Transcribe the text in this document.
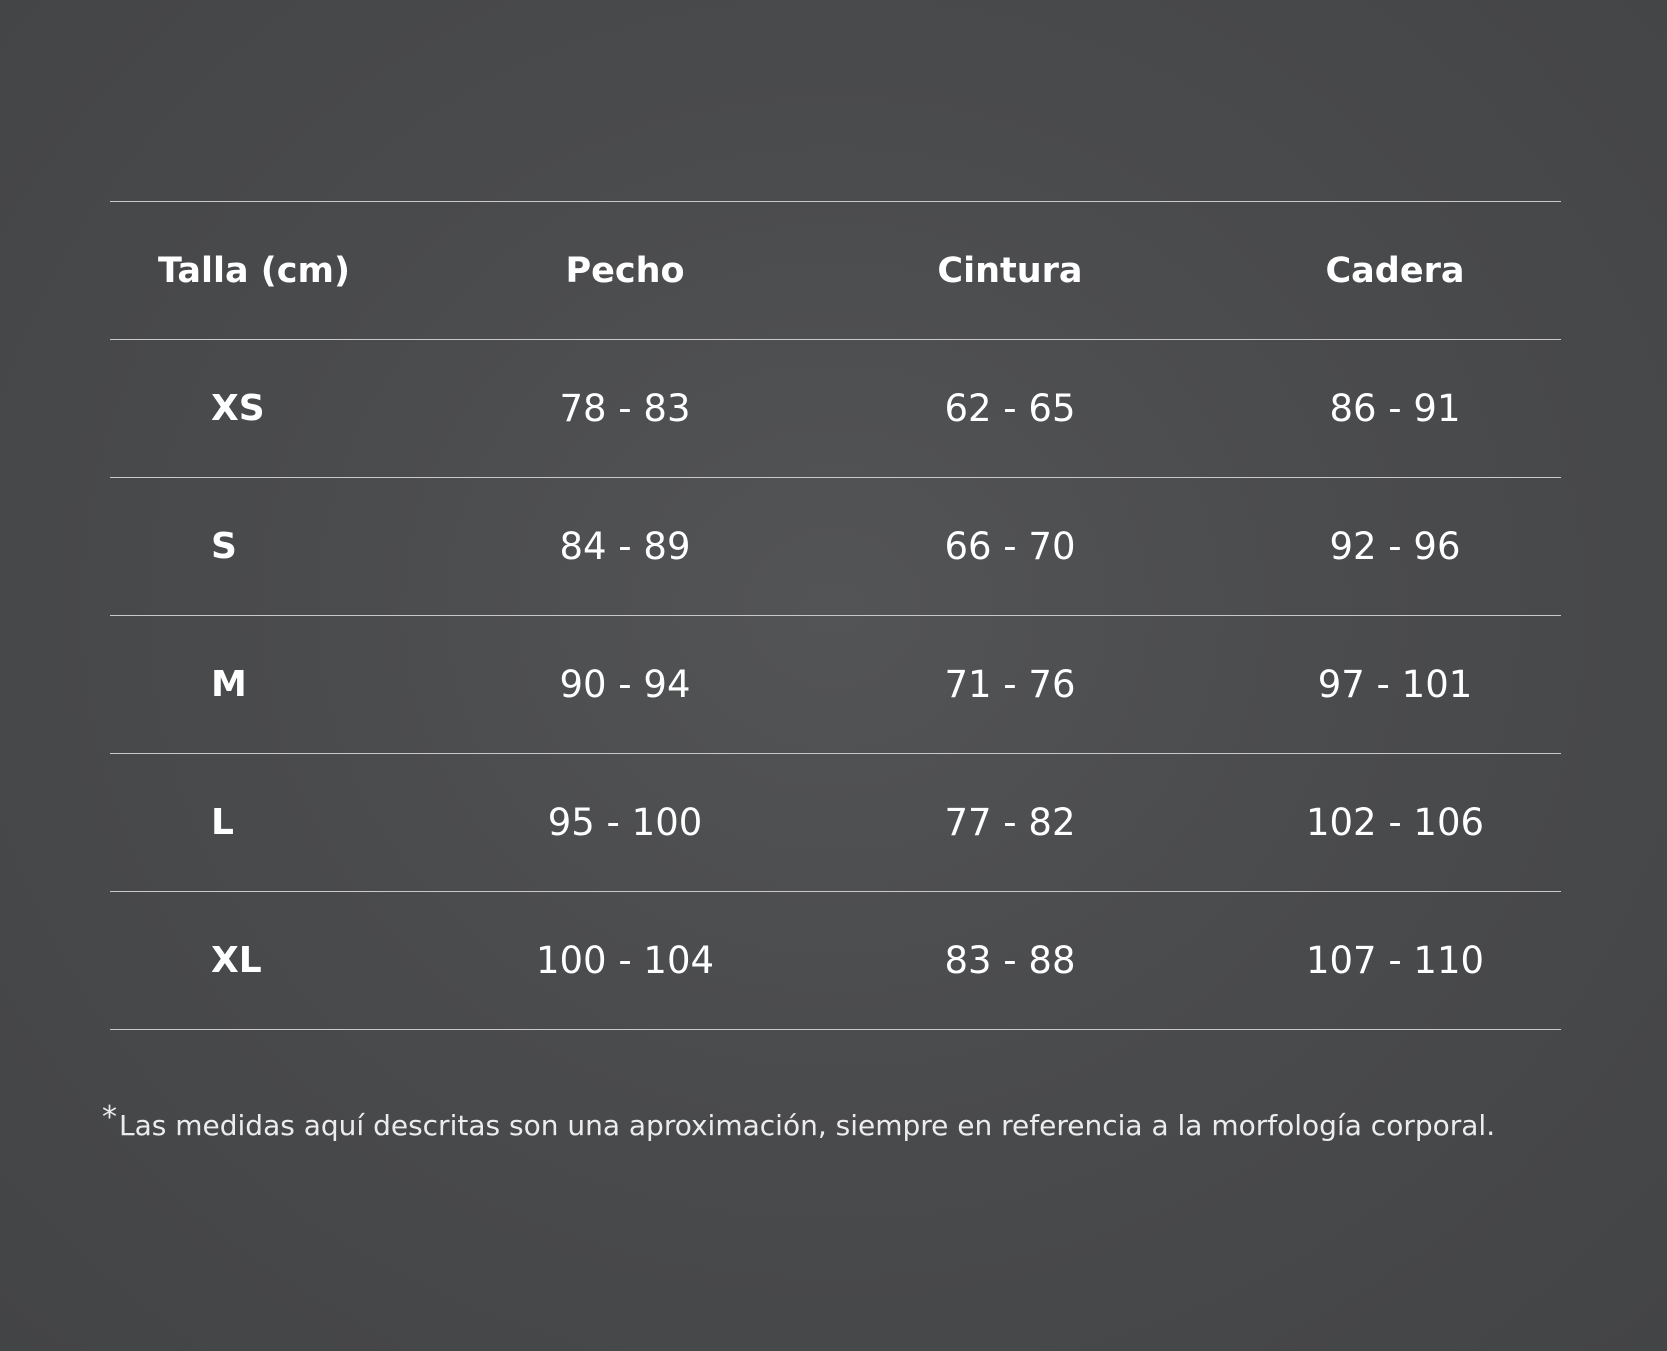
Talla (cm)	Pecho	Cintura	Cadera
XS	78 - 83	62 - 65	86 - 91
S	84 - 89	66 - 70	92 - 96
M	90 - 94	71 - 76	97 - 101
L	95 - 100	77 - 82	102 - 106
XL	100 - 104	83 - 88	107 - 110
*Las medidas aquí descritas son una aproximación, siempre en referencia a la morfología corporal.
